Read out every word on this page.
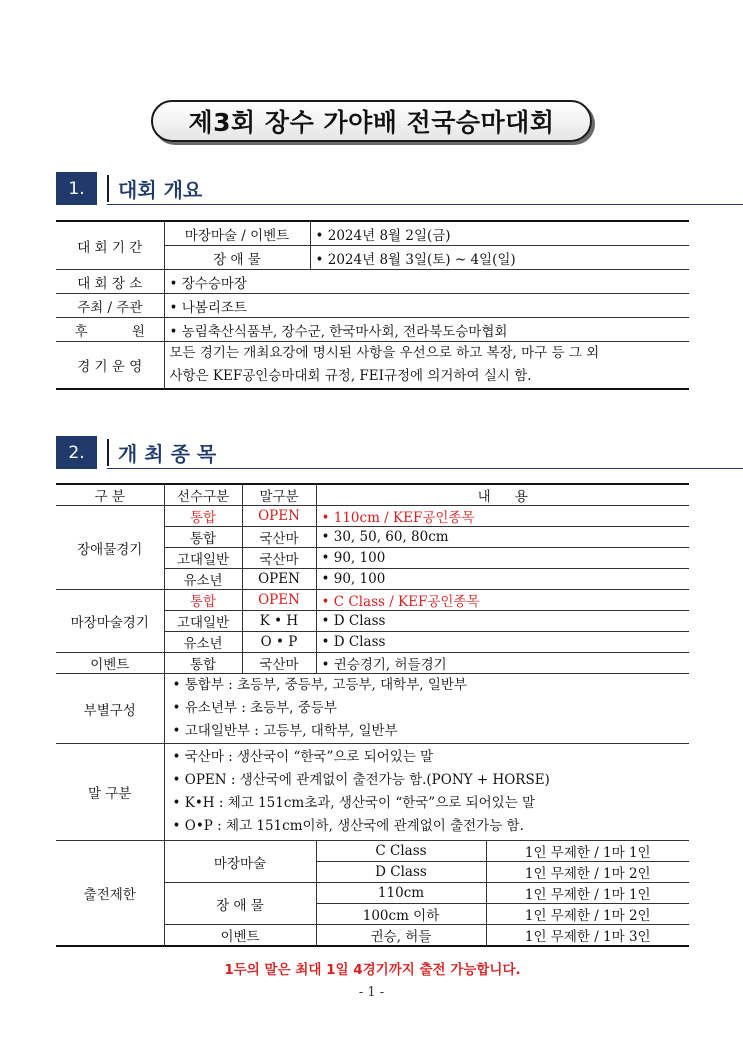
제3회 장수 가야배 전국승마대회
1.	대회 개요
대 회 기 간	마장마술 / 이벤트	• 2024년 8월 2일(금)
	장 애 물	• 2024년 8월 3일(토) ~ 4일(일)
대 회 장 소	• 장수승마장	
주최 / 주관	• 나봄리조트	
후 원	• 농림축산식품부, 장수군, 한국마사회, 전라북도승마협회	
경 기 운 영	모든 경기는 개최요강에 명시된 사항을 우선으로 하고 복장, 마구 등 그 외
사항은 KEF공인승마대회 규정, FEI규정에 의거하여 실시 함.	
2.	개 최 종 목
구 분	선수구분	말구분	내 용	
장애물경기	통합	OPEN	• 110cm / KEF공인종목	
	통합	국산마	• 30, 50, 60, 80cm	
	고대일반	국산마	• 90, 100	
	유소년	OPEN	• 90, 100	
마장마술경기	통합	OPEN	• C Class / KEF공인종목	
	고대일반	K • H	• D Class	
	유소년	O • P	• D Class	
이벤트	통합	국산마	• 귄승경기, 허들경기	
부별구성	• 통합부 : 초등부, 중등부, 고등부, 대학부, 일반부
• 유소년부 : 초등부, 중등부
• 고대일반부 : 고등부, 대학부, 일반부			

말 구분	• 국산마 : 생산국이 “한국”으로 되어있는 말
• OPEN : 생산국에 관계없이 출전가능 함.(PONY + HORSE)
• K•H : 체고 151cm초과, 생산국이 “한국”으로 되어있는 말
• O•P : 체고 151cm이하, 생산국에 관계없이 출전가능 함.			

출전제한	마장마술		C Class	1인 무제한 / 1마 1인
			D Class	1인 무제한 / 1마 2인
	장 애 물		110cm	1인 무제한 / 1마 1인
			100cm 이하	1인 무제한 / 1마 2인
	이벤트		귄승, 허들	1인 무제한 / 1마 3인
1두의 말은 최대 1일 4경기까지 출전 가능합니다.
- 1 -
